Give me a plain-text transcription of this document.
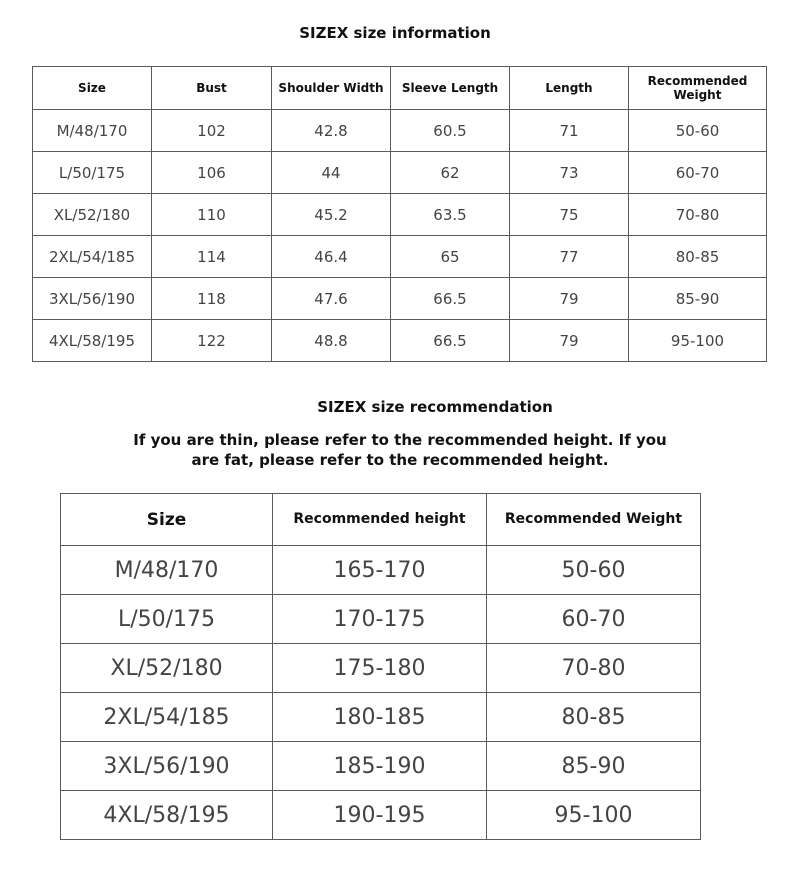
SIZEX size information
Size	Bust	Shoulder Width	Sleeve Length	Length	Recommended Weight
M/48/170	102	42.8	60.5	71	50-60
L/50/175	106	44	62	73	60-70
XL/52/180	110	45.2	63.5	75	70-80
2XL/54/185	114	46.4	65	77	80-85
3XL/56/190	118	47.6	66.5	79	85-90
4XL/58/195	122	48.8	66.5	79	95-100
SIZEX size recommendation
If you are thin, please refer to the recommended height. If you are fat, please refer to the recommended height.
Size	Recommended height	Recommended Weight
M/48/170	165-170	50-60
L/50/175	170-175	60-70
XL/52/180	175-180	70-80
2XL/54/185	180-185	80-85
3XL/56/190	185-190	85-90
4XL/58/195	190-195	95-100
